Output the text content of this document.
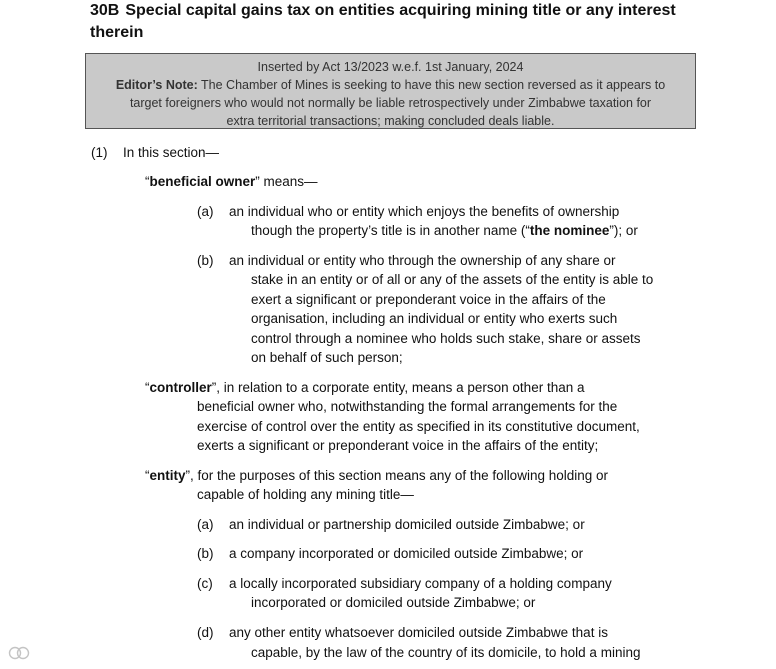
30B Special capital gains tax on entities acquiring mining title or any interest
therein
Inserted by Act 13/2023 w.e.f. 1st January, 2024
Editor’s Note: The Chamber of Mines is seeking to have this new section reversed as it appears to
target foreigners who would not normally be liable retrospectively under Zimbabwe taxation for
extra territorial transactions; making concluded deals liable.
(1) In this section—
“beneficial owner” means—
(a) an individual who or entity which enjoys the benefits of ownership
though the property’s title is in another name (“the nominee”); or
(b) an individual or entity who through the ownership of any share or
stake in an entity or of all or any of the assets of the entity is able to
exert a significant or preponderant voice in the affairs of the
organisation, including an individual or entity who exerts such
control through a nominee who holds such stake, share or assets
on behalf of such person;
“controller”, in relation to a corporate entity, means a person other than a
beneficial owner who, notwithstanding the formal arrangements for the
exercise of control over the entity as specified in its constitutive document,
exerts a significant or preponderant voice in the affairs of the entity;
“entity”, for the purposes of this section means any of the following holding or
capable of holding any mining title—
(a) an individual or partnership domiciled outside Zimbabwe; or
(b) a company incorporated or domiciled outside Zimbabwe; or
(c) a locally incorporated subsidiary company of a holding company
incorporated or domiciled outside Zimbabwe; or
(d) any other entity whatsoever domiciled outside Zimbabwe that is
capable, by the law of the country of its domicile, to hold a mining
